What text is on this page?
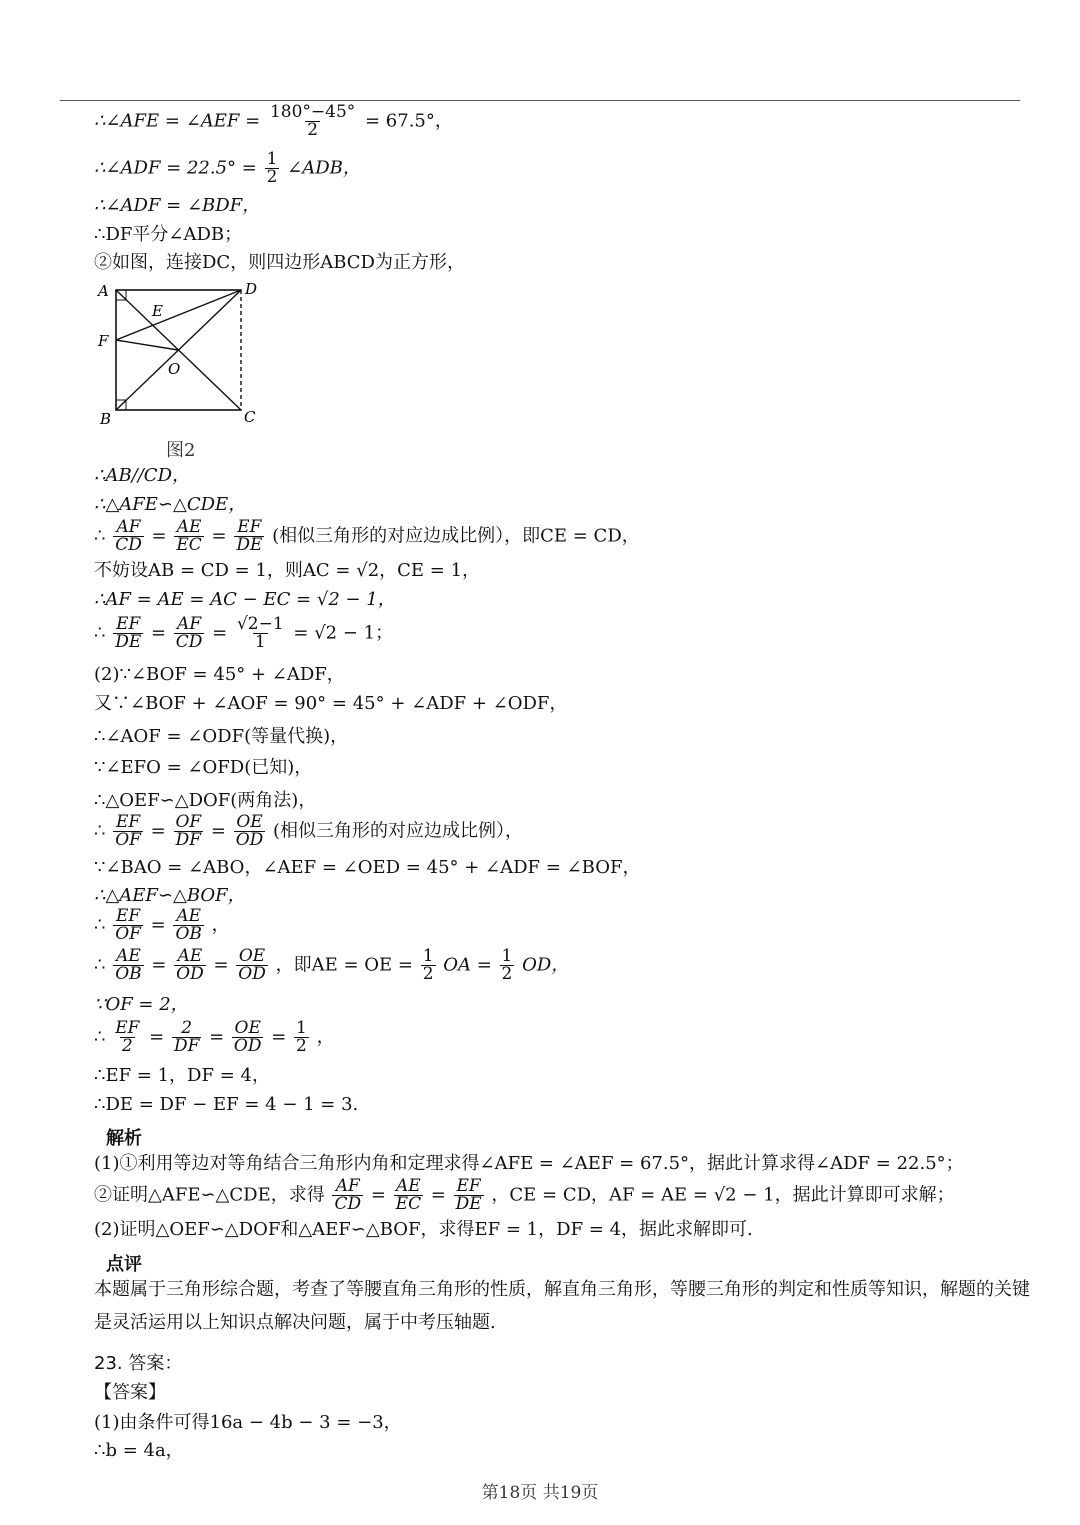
∴∠AFE = ∠AEF = $\frac{180^\circ-45^\circ}{2} = 67.5^\circ$，
∴∠ADF = $22.5^\circ = \frac{1}{2}$ ∠ADB，
∴∠ADF = ∠BDF，
∴DF平分∠ADB；
②如图，连接DC，则四边形ABCD为正方形，
A	D
F
E
O
B	C
图2
∴AB//CD，
∴△AFE∽△CDE，
∴ $\frac{AF}{CD} = \frac{AE}{EC} = \frac{EF}{DE}$ (相似三角形的对应边成比例），即CE = CD，
不妨设AB = CD = 1，则AC = √2，CE = 1，
∴AF = AE = AC − EC = √2 − 1，
∴ $\frac{EF}{DE} = \frac{AF}{CD} = \frac{√2-1}{1} = √2 - 1$；
(2)∵∠BOF = 45° + ∠ADF，
又∵∠BOF + ∠AOF = 90° = 45° + ∠ADF + ∠ODF，
∴∠AOF = ∠ODF(等量代换)，
∵∠EFO = ∠OFD(已知)，
∴△OEF∽△DOF(两角法)，
∴ $\frac{EF}{OF} = \frac{OF}{DF} = \frac{OE}{OD}$ (相似三角形的对应边成比例），
∵∠BAO = ∠ABO，∠AEF = ∠OED = 45° + ∠ADF = ∠BOF，
∴△AEF∽△BOF，
∴ $\frac{EF}{OF} = \frac{AE}{OB}$ ，
∴ $\frac{AE}{OB} = \frac{AE}{OD} = \frac{OE}{OD}$ ，即AE = OE = $\frac{1}{2}$ OA = $\frac{1}{2}$ OD，
∵OF = 2，
∴ $\frac{EF}{2} = \frac{2}{DF} = \frac{OE}{OD} = \frac{1}{2}$ ，
∴EF = 1，DF = 4，
∴DE = DF − EF = 4 − 1 = 3.
解析
(1)①利用等边对等角结合三角形内角和定理求得∠AFE = ∠AEF = 67.5°，据此计算求得∠ADF = 22.5°；
②证明△AFE∽△CDE，求得 $\frac{AF}{CD} = \frac{AE}{EC} = \frac{EF}{DE}$ ，CE = CD，AF = AE = √2 − 1，据此计算即可求解；
(2)证明△OEF∽△DOF和△AEF∽△BOF，求得EF = 1，DF = 4，据此求解即可.
点评
本题属于三角形综合题，考查了等腰直角三角形的性质，解直角三角形，等腰三角形的判定和性质等知识，解题的关键是灵活运用以上知识点解决问题，属于中考压轴题.
23. 答案：
【答案】
(1)由条件可得16a − 4b − 3 = −3，
∴b = 4a，
第18页 共19页
